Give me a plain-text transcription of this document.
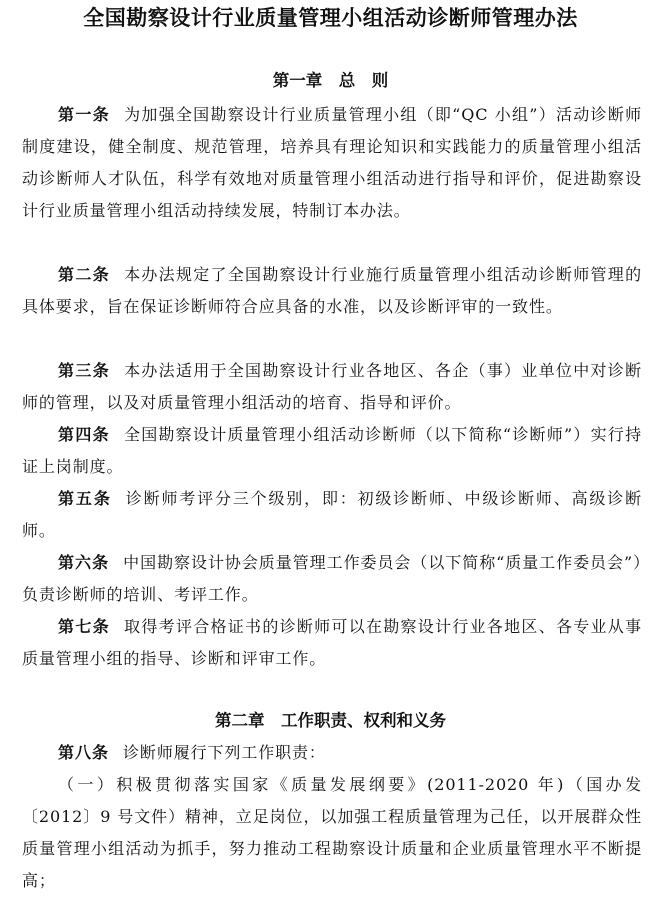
全国勘察设计行业质量管理小组活动诊断师管理办法
第一章　总　则
第一条 为加强全国勘察设计行业质量管理小组（即“QC 小组”）活动诊断师制度建设，健全制度、规范管理，培养具有理论知识和实践能力的质量管理小组活动诊断师人才队伍，科学有效地对质量管理小组活动进行指导和评价，促进勘察设计行业质量管理小组活动持续发展，特制订本办法。
第二条 本办法规定了全国勘察设计行业施行质量管理小组活动诊断师管理的具体要求，旨在保证诊断师符合应具备的水准，以及诊断评审的一致性。
第三条 本办法适用于全国勘察设计行业各地区、各企（事）业单位中对诊断师的管理，以及对质量管理小组活动的培育、指导和评价。
第四条 全国勘察设计质量管理小组活动诊断师（以下简称“诊断师”）实行持证上岗制度。
第五条 诊断师考评分三个级别，即：初级诊断师、中级诊断师、高级诊断师。
第六条 中国勘察设计协会质量管理工作委员会（以下简称“质量工作委员会”）负责诊断师的培训、考评工作。
第七条 取得考评合格证书的诊断师可以在勘察设计行业各地区、各专业从事质量管理小组的指导、诊断和评审工作。
第二章　工作职责、权利和义务
第八条 诊断师履行下列工作职责：
（一）积极贯彻落实国家《质量发展纲要》(2011-2020 年)（国办发〔2012〕9 号文件）精神，立足岗位，以加强工程质量管理为己任，以开展群众性质量管理小组活动为抓手，努力推动工程勘察设计质量和企业质量管理水平不断提高；
